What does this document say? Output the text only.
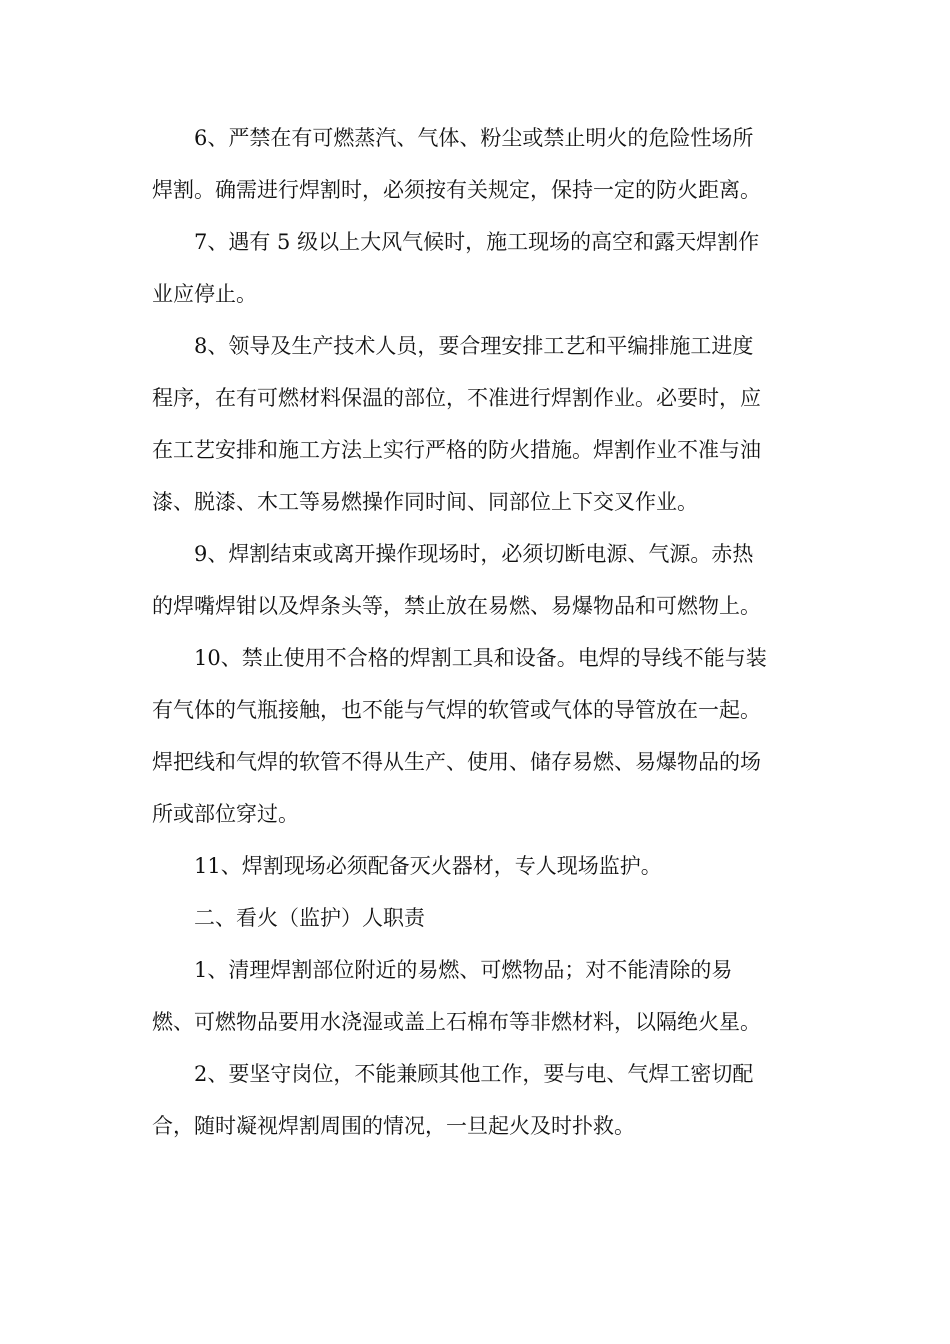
6、严禁在有可燃蒸汽、气体、粉尘或禁止明火的危险性场所
焊割。确需进行焊割时，必须按有关规定，保持一定的防火距离。

7、遇有 5 级以上大风气候时，施工现场的高空和露天焊割作
业应停止。

8、领导及生产技术人员，要合理安排工艺和平编排施工进度
程序，在有可燃材料保温的部位，不准进行焊割作业。必要时，应
在工艺安排和施工方法上实行严格的防火措施。焊割作业不准与油
漆、脱漆、木工等易燃操作同时间、同部位上下交叉作业。

9、焊割结束或离开操作现场时，必须切断电源、气源。赤热
的焊嘴焊钳以及焊条头等，禁止放在易燃、易爆物品和可燃物上。

10、禁止使用不合格的焊割工具和设备。电焊的导线不能与装
有气体的气瓶接触，也不能与气焊的软管或气体的导管放在一起。
焊把线和气焊的软管不得从生产、使用、储存易燃、易爆物品的场
所或部位穿过。

11、焊割现场必须配备灭火器材，专人现场监护。

二、看火（监护）人职责

1、清理焊割部位附近的易燃、可燃物品；对不能清除的易
燃、可燃物品要用水浇湿或盖上石棉布等非燃材料，以隔绝火星。

2、要坚守岗位，不能兼顾其他工作，要与电、气焊工密切配
合，随时凝视焊割周围的情况，一旦起火及时扑救。
